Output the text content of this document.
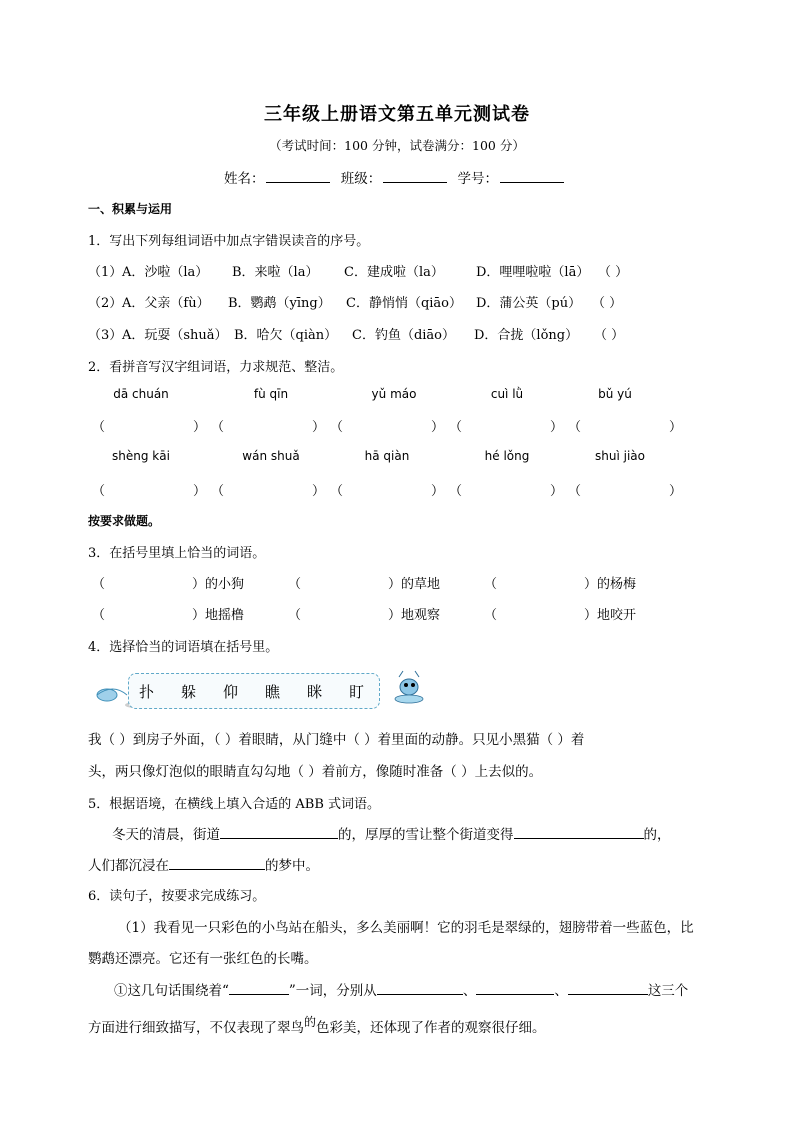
三年级上册语文第五单元测试卷
（考试时间：100 分钟，试卷满分：100 分）
姓名：	班级：	学号：
一、积累与运用
1．写出下列每组词语中加点字错误读音的序号。
（1） A．沙啦（la） B．来啦（la） C．建成啦（la） D．哩哩啦啦（lā） （ ）
（2） A．父亲（fù） B．鹦鹉（yīng） C．静悄悄（qiāo） D．蒲公英（pú） （ ）
（3） A．玩耍（shuǎ） B．哈欠（qiàn） C．钓鱼（diāo） D．合拢（lǒng） （ ）
2．看拼音写汉字组词语，力求规范、整洁。
dā chuán	fù qīn	yǔ máo	cuì lǜ	bǔ yú
（	） （	） （	） （	） （	）
shèng kāi	wán shuǎ	hā qiàn	hé lǒng	shuì jiào
（	） （	） （	） （	） （	）
按要求做题。
3．在括号里填上恰当的词语。
（	）的小狗	（	）的草地	（	）的杨梅
（	）地摇橹	（	）地观察	（	）地咬开
4．选择恰当的词语填在括号里。
扑 躲 仰 瞧 眯 盯
我（ ）到房子外面，（ ）着眼睛，从门缝中（ ）着里面的动静。只见小黑猫（ ）着
头，两只像灯泡似的眼睛直勾勾地（ ）着前方，像随时准备（ ）上去似的。
5．根据语境，在横线上填入合适的 ABB 式词语。
冬天的清晨，街道	的，厚厚的雪让整个街道变得	的，
人们都沉浸在	的梦中。
6．读句子，按要求完成练习。
（1）我看见一只彩色的小鸟站在船头，多么美丽啊！它的羽毛是翠绿的，翅膀带着一些蓝色，比
鹦鹉还漂亮。它还有一张红色的长嘴。
①这几句话围绕着“	”一词，分别从	、	、	这三个
方面进行细致描写，不仅表现了翠鸟的色彩美，还体现了作者的观察很仔细。
